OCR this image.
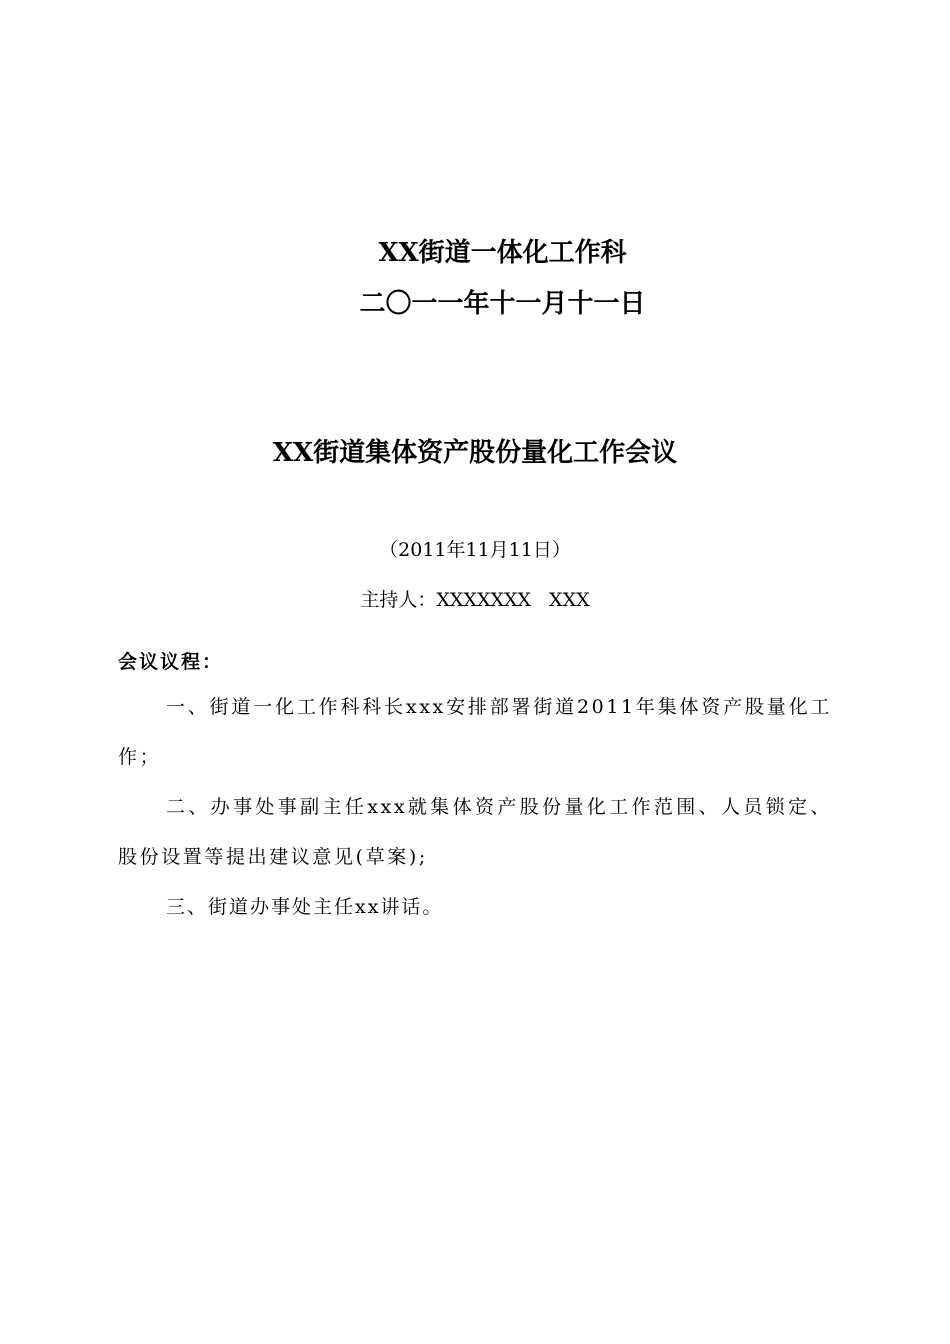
XX街道一体化工作科
二〇一一年十一月十一日
XX街道集体资产股份量化工作会议
（2011年11月11日）
主持人：XXXXXXX XXX
会议议程：

一、街道一化工作科科长xxx安排部署街道2011年集体资产股量化工作；

二、办事处事副主任xxx就集体资产股份量化工作范围、人员锁定、股份设置等提出建议意见(草案);

三、街道办事处主任xx讲话。
